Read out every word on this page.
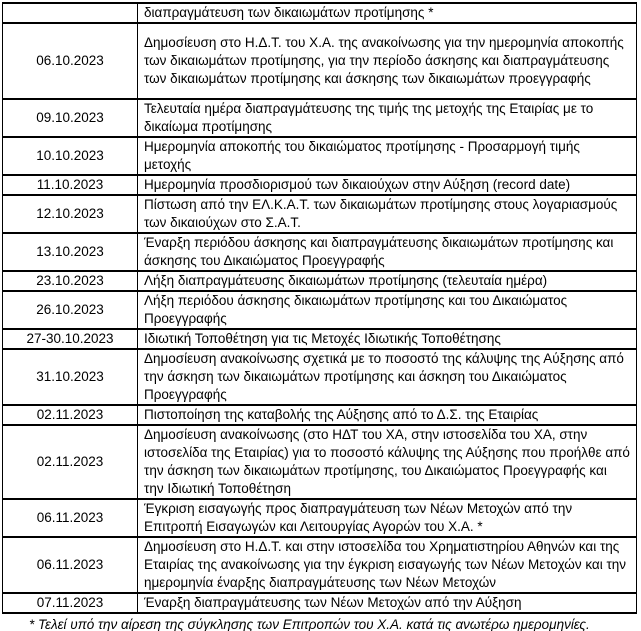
	διαπραγμάτευση των δικαιωμάτων προτίμησης *
06.10.2023	Δημοσίευση στο Η.Δ.Τ. του Χ.Α. της ανακοίνωσης για την ημερομηνία αποκοπής των δικαιωμάτων προτίμησης, για την περίοδο άσκησης και διαπραγμάτευσης των δικαιωμάτων προτίμησης και άσκησης των δικαιωμάτων προεγγραφής
09.10.2023	Τελευταία ημέρα διαπραγμάτευσης της τιμής της μετοχής της Εταιρίας με το δικαίωμα προτίμησης
10.10.2023	Ημερομηνία αποκοπής του δικαιώματος προτίμησης - Προσαρμογή τιμής μετοχής
11.10.2023	Ημερομηνία προσδιορισμού των δικαιούχων στην Αύξηση (record date)
12.10.2023	Πίστωση από την ΕΛ.Κ.Α.Τ. των δικαιωμάτων προτίμησης στους λογαριασμούς των δικαιούχων στο Σ.Α.Τ.
13.10.2023	Έναρξη περιόδου άσκησης και διαπραγμάτευσης δικαιωμάτων προτίμησης και άσκησης του Δικαιώματος Προεγγραφής
23.10.2023	Λήξη διαπραγμάτευσης δικαιωμάτων προτίμησης (τελευταία ημέρα)
26.10.2023	Λήξη περιόδου άσκησης δικαιωμάτων προτίμησης και του Δικαιώματος Προεγγραφής
27-30.10.2023	Ιδιωτική Τοποθέτηση για τις Μετοχές Ιδιωτικής Τοποθέτησης
31.10.2023	Δημοσίευση ανακοίνωσης σχετικά με το ποσοστό της κάλυψης της Αύξησης από την άσκηση των δικαιωμάτων προτίμησης και άσκηση του Δικαιώματος Προεγγραφής
02.11.2023	Πιστοποίηση της καταβολής της Αύξησης από το Δ.Σ. της Εταιρίας
02.11.2023	Δημοσίευση ανακοίνωσης (στο ΗΔΤ του ΧΑ, στην ιστοσελίδα του ΧΑ, στην ιστοσελίδα της Εταιρίας) για το ποσοστό κάλυψης της Αύξησης που προήλθε από την άσκηση των δικαιωμάτων προτίμησης, του Δικαιώματος Προεγγραφής και την Ιδιωτική Τοποθέτηση
06.11.2023	Έγκριση εισαγωγής προς διαπραγμάτευση των Νέων Μετοχών από την Επιτροπή Εισαγωγών και Λειτουργίας Αγορών του Χ.Α. *
06.11.2023	Δημοσίευση στο Η.Δ.Τ. και στην ιστοσελίδα του Χρηματιστηρίου Αθηνών και της Εταιρίας της ανακοίνωσης για την έγκριση εισαγωγής των Νέων Μετοχών και την ημερομηνία έναρξης διαπραγμάτευσης των Νέων Μετοχών
07.11.2023	Έναρξη διαπραγμάτευσης των Νέων Μετοχών από την Αύξηση
* Τελεί υπό την αίρεση της σύγκλησης των Επιτροπών του Χ.Α. κατά τις ανωτέρω ημερομηνίες.
